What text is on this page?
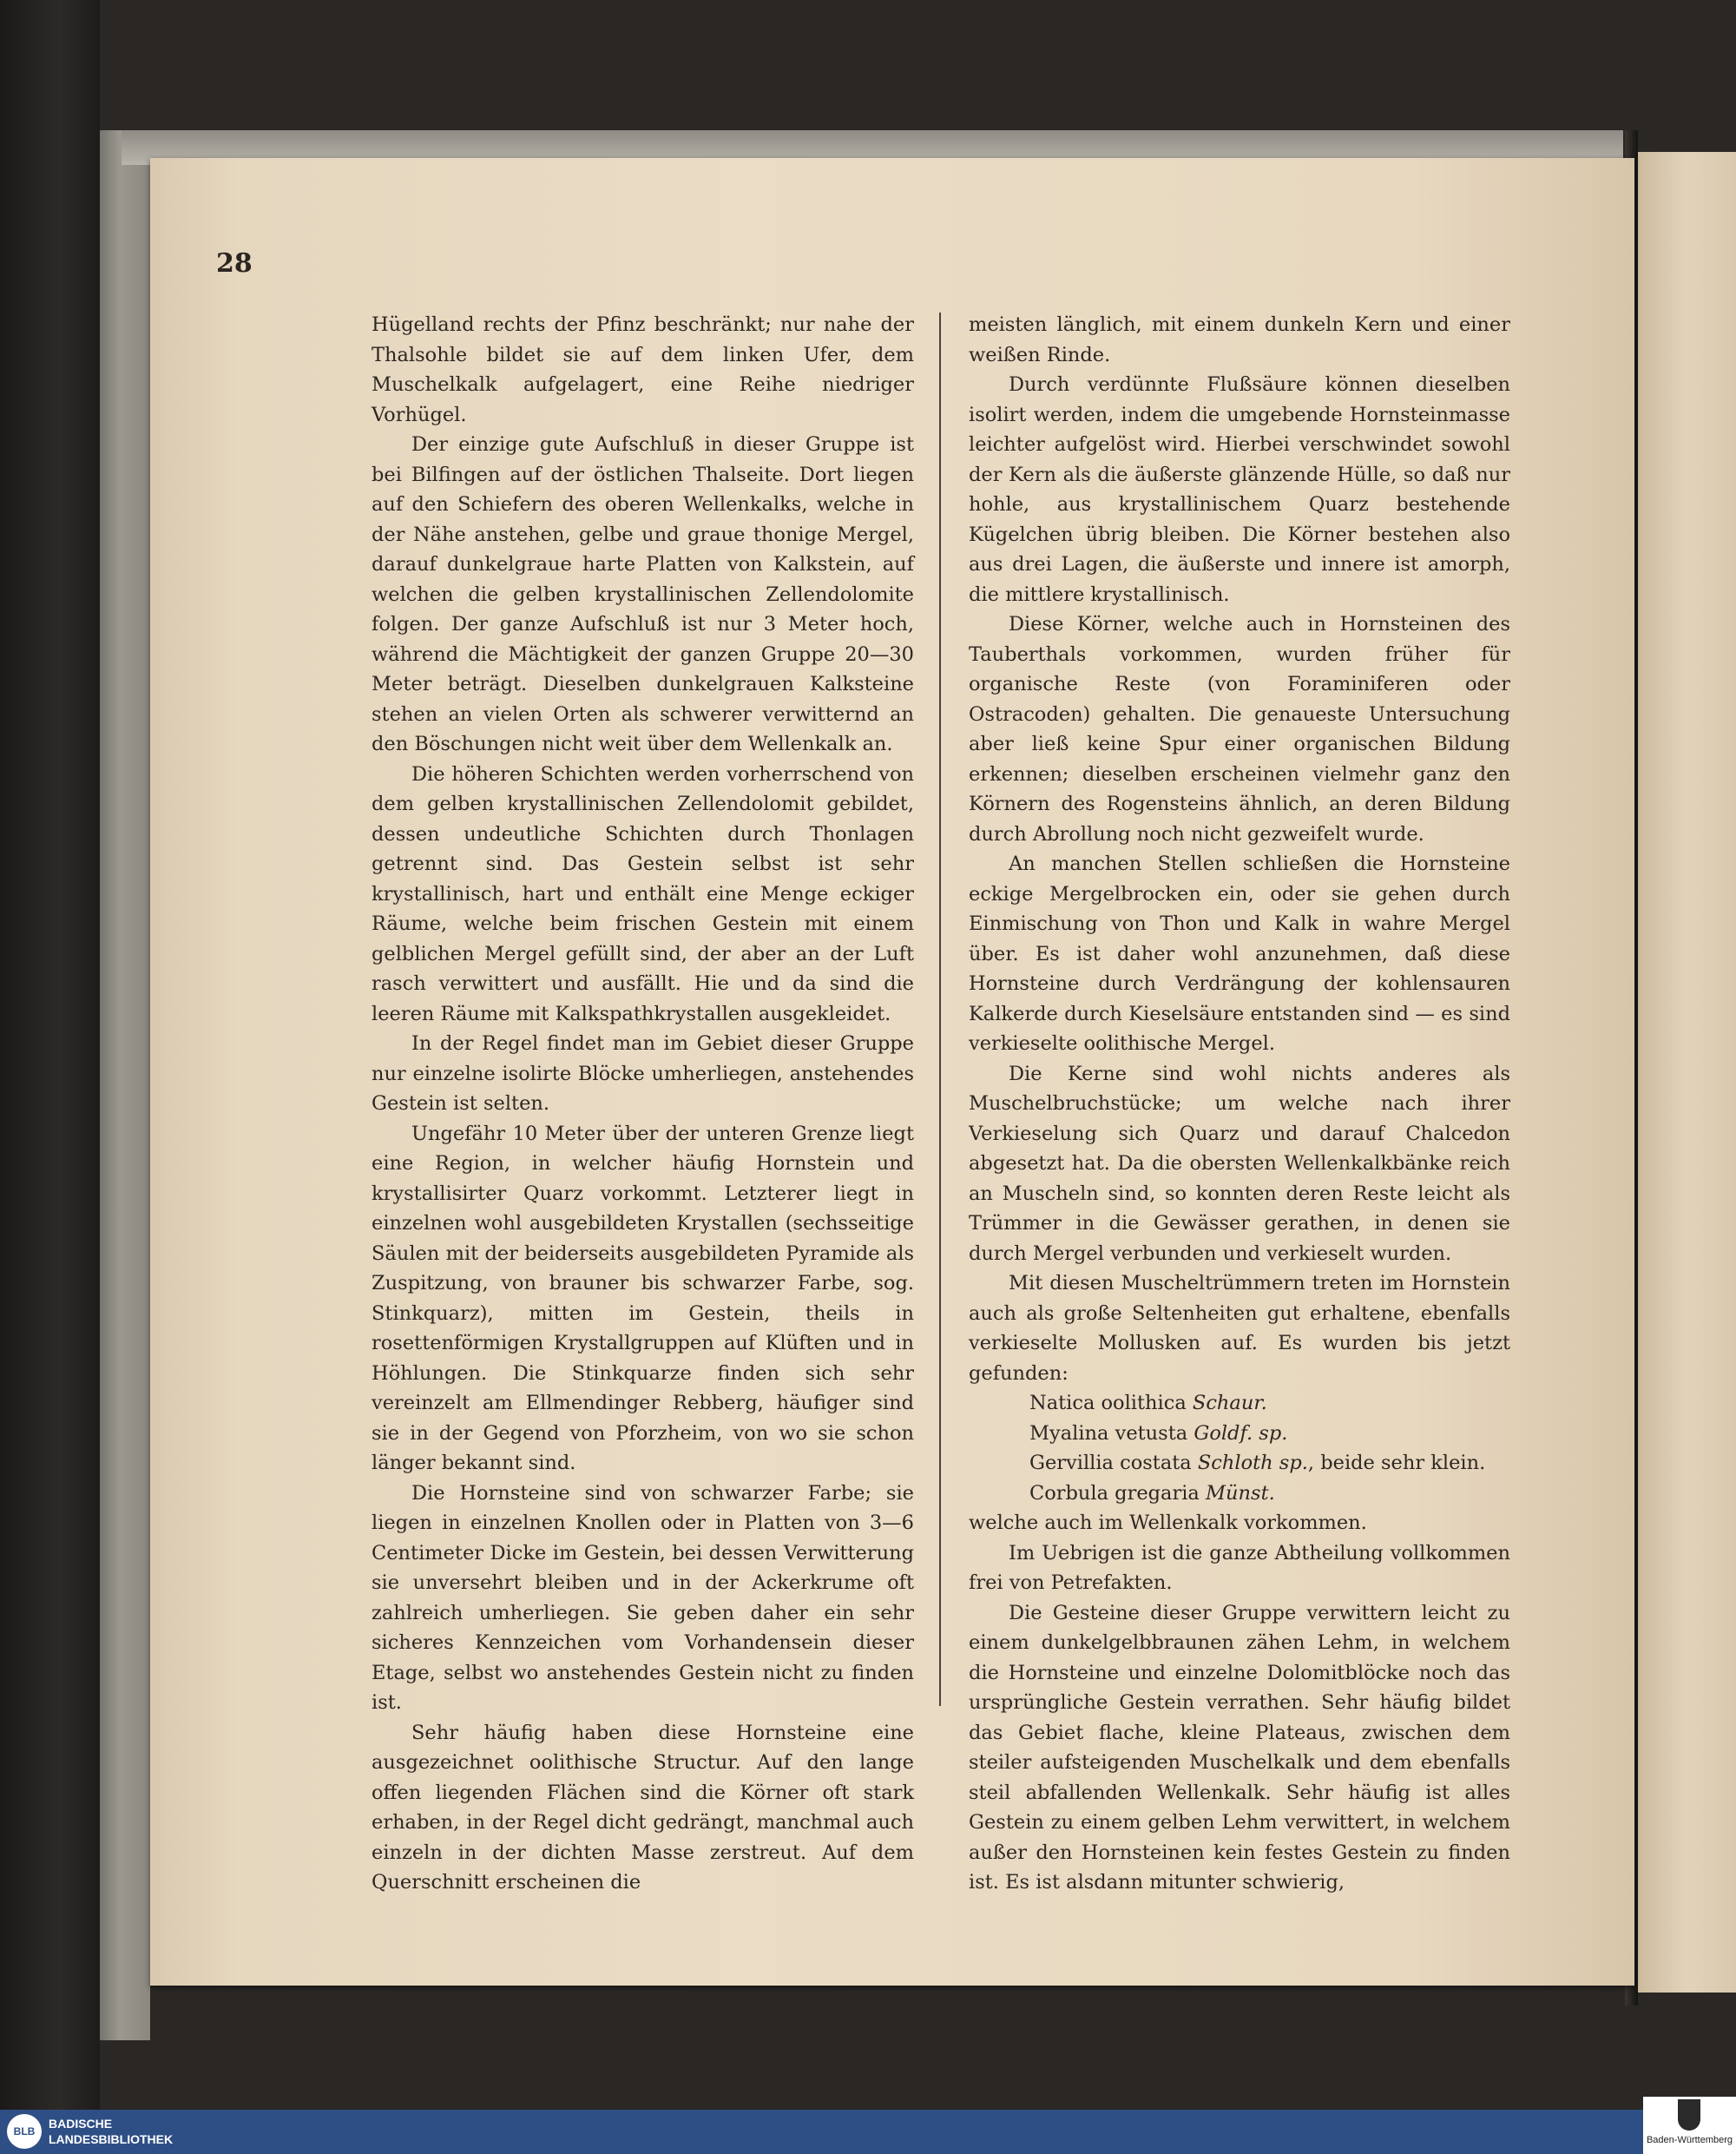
28

Hügelland rechts der Pfinz beschränkt; nur nahe der Thalsohle bildet sie auf dem linken Ufer, dem Muschelkalk aufgelagert, eine Reihe niedriger Vorhügel.

Der einzige gute Aufschluß in dieser Gruppe ist bei Bilfingen auf der östlichen Thalseite. Dort liegen auf den Schiefern des oberen Wellenkalks, welche in der Nähe anstehen, gelbe und graue thonige Mergel, darauf dunkelgraue harte Platten von Kalkstein, auf welchen die gelben krystallinischen Zellendolomite folgen. Der ganze Aufschluß ist nur 3 Meter hoch, während die Mächtigkeit der ganzen Gruppe 20—30 Meter beträgt. Dieselben dunkelgrauen Kalksteine stehen an vielen Orten als schwerer verwitternd an den Böschungen nicht weit über dem Wellenkalk an.

Die höheren Schichten werden vorherrschend von dem gelben krystallinischen Zellendolomit gebildet, dessen undeutliche Schichten durch Thonlagen getrennt sind. Das Gestein selbst ist sehr krystallinisch, hart und enthält eine Menge eckiger Räume, welche beim frischen Gestein mit einem gelblichen Mergel gefüllt sind, der aber an der Luft rasch verwittert und ausfällt. Hie und da sind die leeren Räume mit Kalkspathkrystallen ausgekleidet.

In der Regel findet man im Gebiet dieser Gruppe nur einzelne isolirte Blöcke umherliegen, anstehendes Gestein ist selten.

Ungefähr 10 Meter über der unteren Grenze liegt eine Region, in welcher häufig Hornstein und krystallisirter Quarz vorkommt. Letzterer liegt in einzelnen wohl ausgebildeten Krystallen (sechsseitige Säulen mit der beiderseits ausgebildeten Pyramide als Zuspitzung, von brauner bis schwarzer Farbe, sog. Stinkquarz), mitten im Gestein, theils in rosettenförmigen Krystallgruppen auf Klüften und in Höhlungen. Die Stinkquarze finden sich sehr vereinzelt am Ellmendinger Rebberg, häufiger sind sie in der Gegend von Pforzheim, von wo sie schon länger bekannt sind.

Die Hornsteine sind von schwarzer Farbe; sie liegen in einzelnen Knollen oder in Platten von 3—6 Centimeter Dicke im Gestein, bei dessen Verwitterung sie unversehrt bleiben und in der Ackerkrume oft zahlreich umherliegen. Sie geben daher ein sehr sicheres Kennzeichen vom Vorhandensein dieser Etage, selbst wo anstehendes Gestein nicht zu finden ist.

Sehr häufig haben diese Hornsteine eine ausgezeichnet oolithische Structur. Auf den lange offen liegenden Flächen sind die Körner oft stark erhaben, in der Regel dicht gedrängt, manchmal auch einzeln in der dichten Masse zerstreut. Auf dem Querschnitt erscheinen die

meisten länglich, mit einem dunkeln Kern und einer weißen Rinde.

Durch verdünnte Flußsäure können dieselben isolirt werden, indem die umgebende Hornsteinmasse leichter aufgelöst wird. Hierbei verschwindet sowohl der Kern als die äußerste glänzende Hülle, so daß nur hohle, aus krystallinischem Quarz bestehende Kügelchen übrig bleiben. Die Körner bestehen also aus drei Lagen, die äußerste und innere ist amorph, die mittlere krystallinisch.

Diese Körner, welche auch in Hornsteinen des Tauberthals vorkommen, wurden früher für organische Reste (von Foraminiferen oder Ostracoden) gehalten. Die genaueste Untersuchung aber ließ keine Spur einer organischen Bildung erkennen; dieselben erscheinen vielmehr ganz den Körnern des Rogensteins ähnlich, an deren Bildung durch Abrollung noch nicht gezweifelt wurde.

An manchen Stellen schließen die Hornsteine eckige Mergelbrocken ein, oder sie gehen durch Einmischung von Thon und Kalk in wahre Mergel über. Es ist daher wohl anzunehmen, daß diese Hornsteine durch Verdrängung der kohlensauren Kalkerde durch Kieselsäure entstanden sind — es sind verkieselte oolithische Mergel.

Die Kerne sind wohl nichts anderes als Muschelbruchstücke; um welche nach ihrer Verkieselung sich Quarz und darauf Chalcedon abgesetzt hat. Da die obersten Wellenkalkbänke reich an Muscheln sind, so konnten deren Reste leicht als Trümmer in die Gewässer gerathen, in denen sie durch Mergel verbunden und verkieselt wurden.

Mit diesen Muscheltrümmern treten im Hornstein auch als große Seltenheiten gut erhaltene, ebenfalls verkieselte Mollusken auf. Es wurden bis jetzt gefunden:

Natica oolithica Schaur.

Myalina vetusta Goldf. sp.

Gervillia costata Schloth sp., beide sehr klein.

Corbula gregaria Münst.

welche auch im Wellenkalk vorkommen.

Im Uebrigen ist die ganze Abtheilung vollkommen frei von Petrefakten.

Die Gesteine dieser Gruppe verwittern leicht zu einem dunkelgelbbraunen zähen Lehm, in welchem die Hornsteine und einzelne Dolomitblöcke noch das ursprüngliche Gestein verrathen. Sehr häufig bildet das Gebiet flache, kleine Plateaus, zwischen dem steiler aufsteigenden Muschelkalk und dem ebenfalls steil abfallenden Wellenkalk. Sehr häufig ist alles Gestein zu einem gelben Lehm verwittert, in welchem außer den Hornsteinen kein festes Gestein zu finden ist. Es ist alsdann mitunter schwierig,

BLB
BADISCHE
LANDESBIBLIOTHEK	Baden-Württemberg
